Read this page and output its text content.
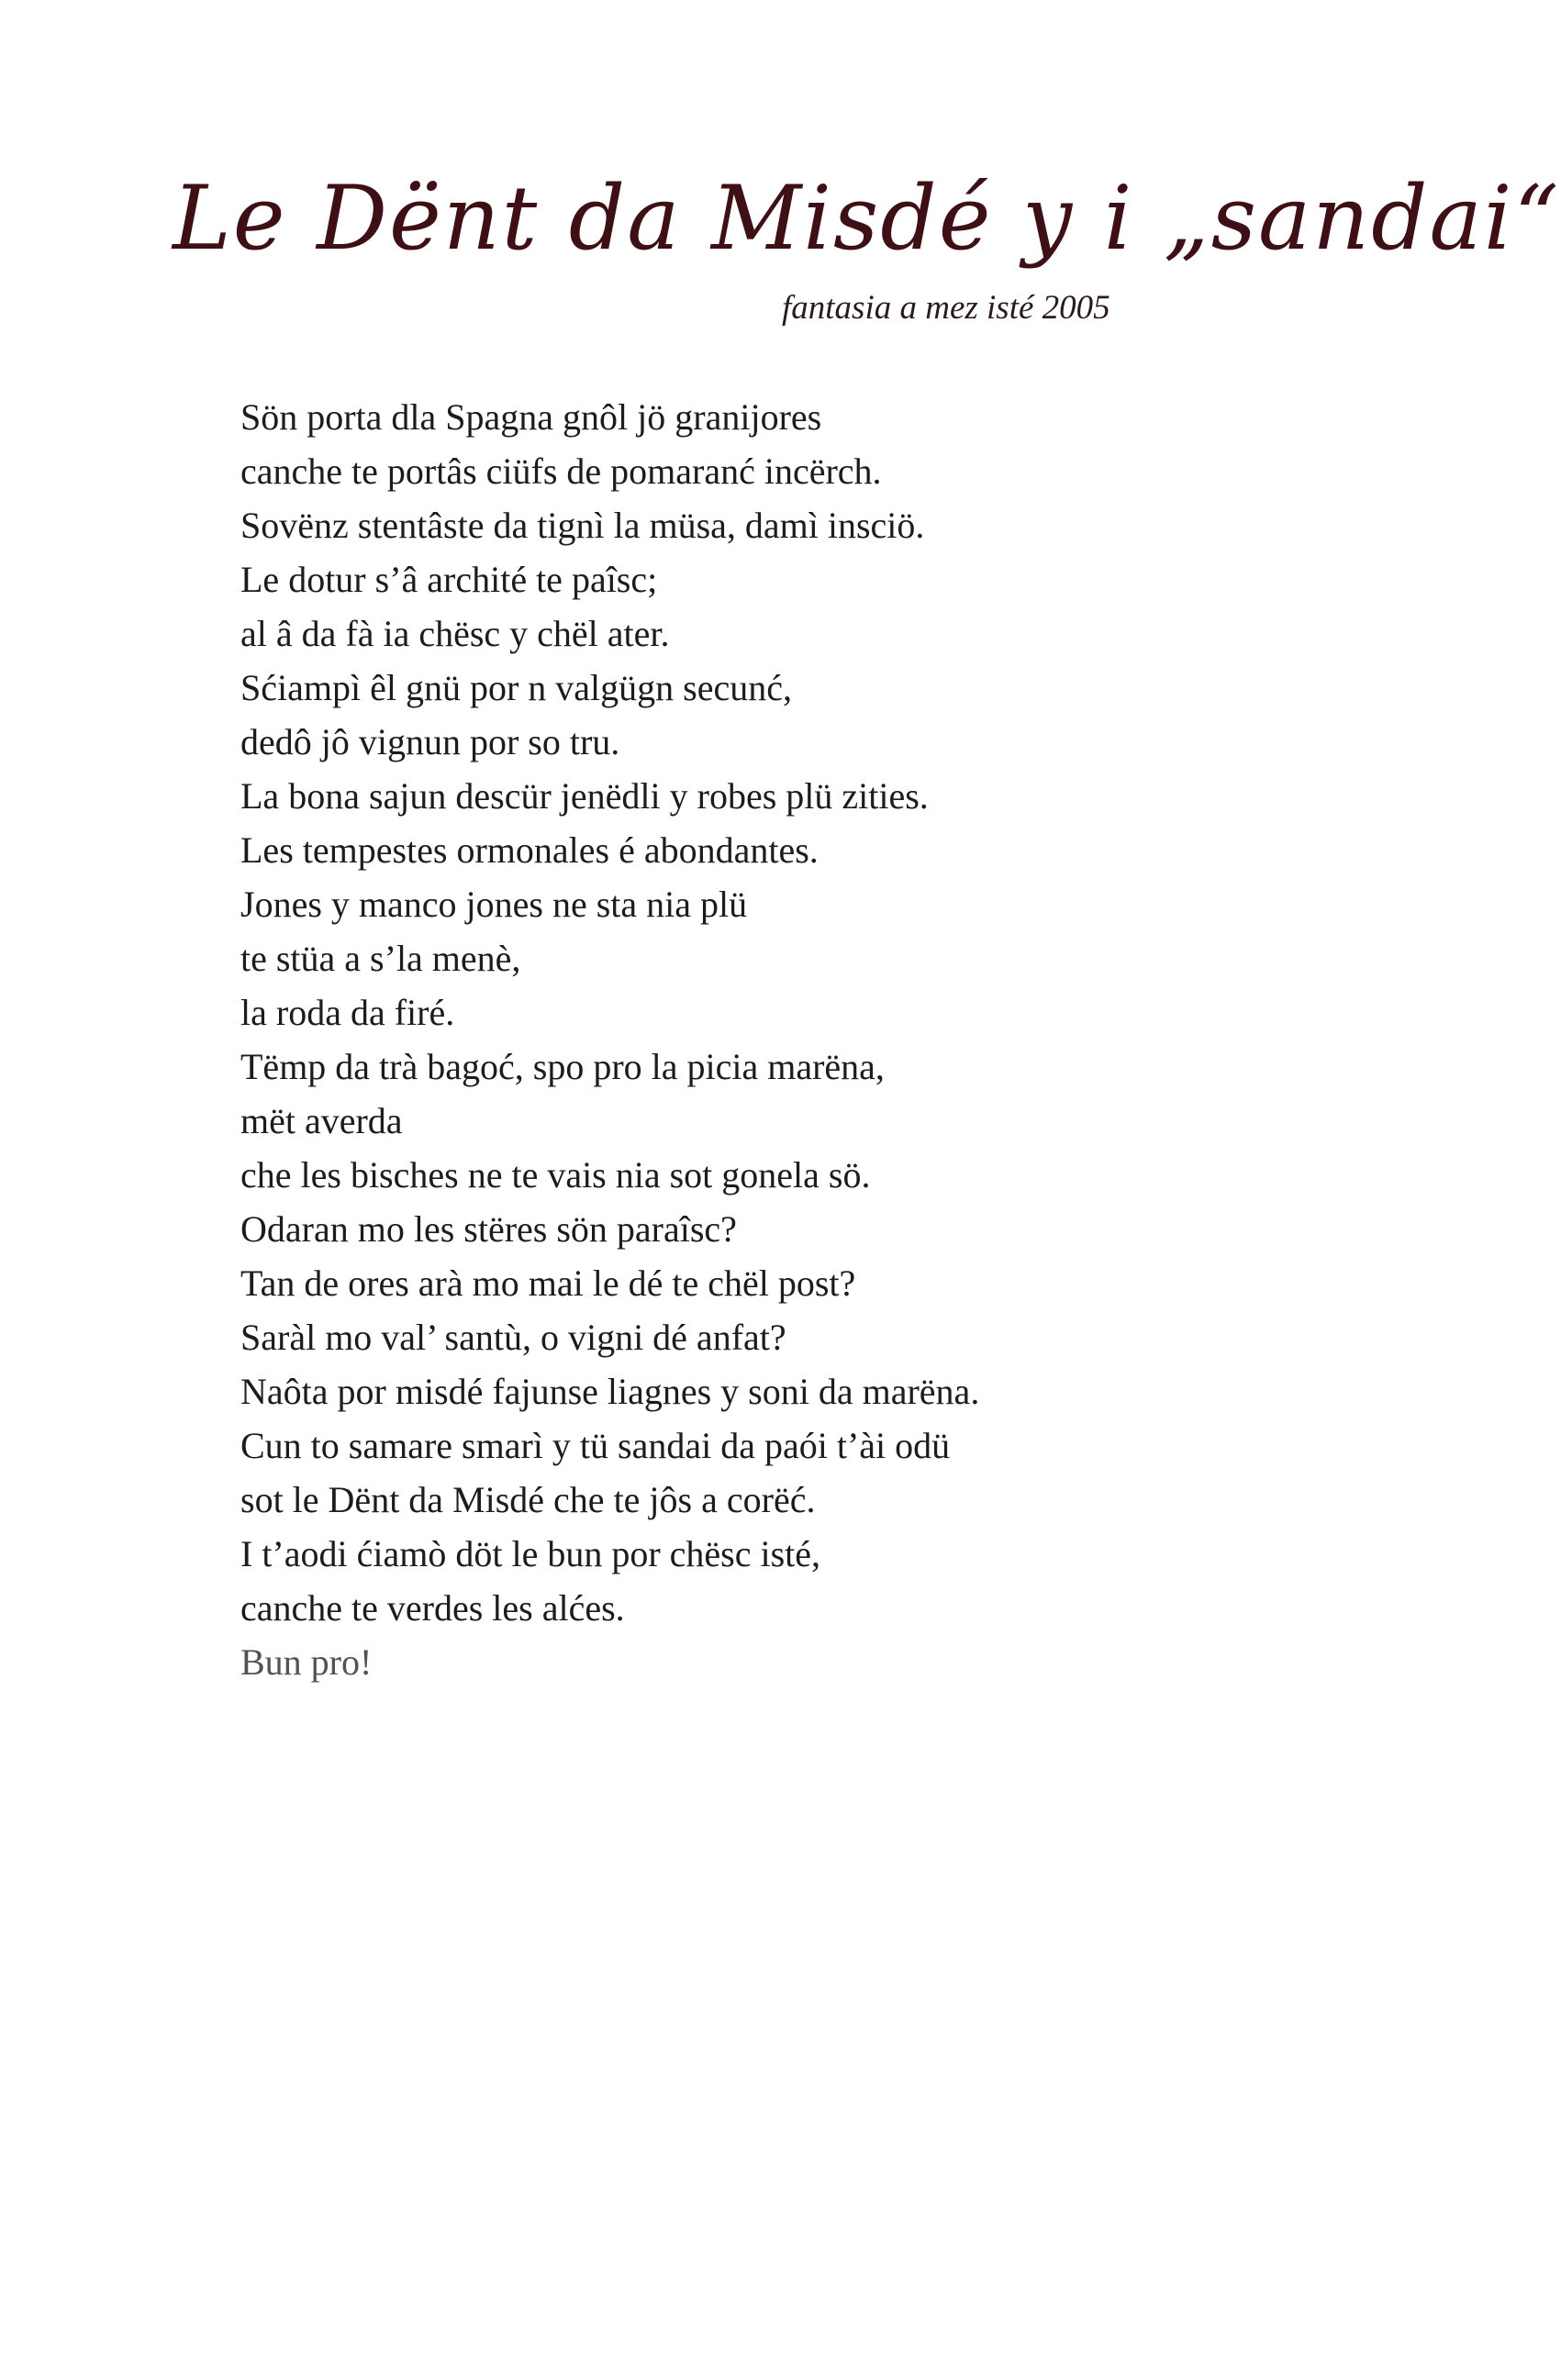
Le Dënt da Misdé y i „sandai“
fantasia a mez isté 2005
Sön porta dla Spagna gnôl jö granijores
canche te portâs ciüfs de pomaranć incërch.
Sovënz stentâste da tignì la müsa, damì insciö.
Le dotur s’â archité te paîsc;
al â da fà ia chësc y chël ater.
Sćiampì êl gnü por n valgügn secunć,
dedô jô vignun por so tru.
La bona sajun descür jenëdli y robes plü zities.
Les tempestes ormonales é abondantes.
Jones y manco jones ne sta nia plü
te stüa a s’la menè,
la roda da firé.
Tëmp da trà bagoć, spo pro la picia marëna,
mët averda
che les bisches ne te vais nia sot gonela sö.
Odaran mo les stëres sön paraîsc?
Tan de ores arà mo mai le dé te chël post?
Saràl mo val’ santù, o vigni dé anfat?
Naôta por misdé fajunse liagnes y soni da marëna.
Cun to samare smarì y tü sandai da paói t’ài odü
sot le Dënt da Misdé che te jôs a corëć.
I t’aodi ćiamò döt le bun por chësc isté,
canche te verdes les alćes.
Bun pro!
